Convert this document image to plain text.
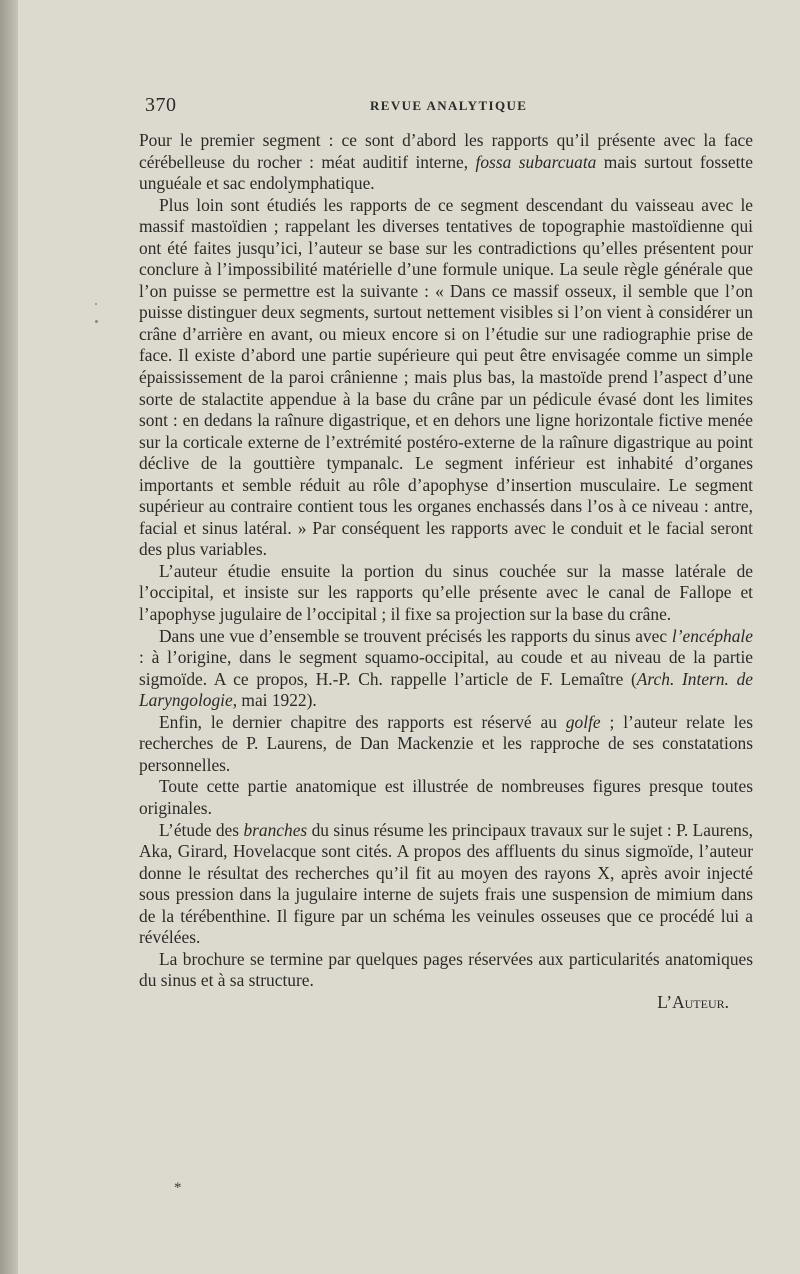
370	REVUE ANALYTIQUE

Pour le premier segment : ce sont d’abord les rapports qu’il présente avec la face cérébelleuse du rocher : méat auditif interne, fossa subarcuata mais surtout fossette unguéale et sac endolymphatique.

Plus loin sont étudiés les rapports de ce segment descendant du vaisseau avec le massif mastoïdien ; rappelant les diverses tentatives de topographie mastoïdienne qui ont été faites jusqu’ici, l’auteur se base sur les contradictions qu’elles présentent pour conclure à l’impossibilité matérielle d’une formule unique. La seule règle générale que l’on puisse se permettre est la suivante : « Dans ce massif osseux, il semble que l’on puisse distinguer deux segments, surtout nettement visibles si l’on vient à considérer un crâne d’arrière en avant, ou mieux encore si on l’étudie sur une radiographie prise de face. Il existe d’abord une partie supérieure qui peut être envisagée comme un simple épaississement de la paroi crânienne ; mais plus bas, la mastoïde prend l’aspect d’une sorte de stalactite appendue à la base du crâne par un pédicule évasé dont les limites sont : en dedans la raînure digastrique, et en dehors une ligne horizontale fictive menée sur la corticale externe de l’extrémité postéro-externe de la raînure digastrique au point déclive de la gouttière tympanalc. Le segment inférieur est inhabité d’organes importants et semble réduit au rôle d’apophyse d’insertion musculaire. Le segment supérieur au contraire contient tous les organes enchassés dans l’os à ce niveau : antre, facial et sinus latéral. » Par conséquent les rapports avec le conduit et le facial seront des plus variables.

L’auteur étudie ensuite la portion du sinus couchée sur la masse latérale de l’occipital, et insiste sur les rapports qu’elle présente avec le canal de Fallope et l’apophyse jugulaire de l’occipital ; il fixe sa projection sur la base du crâne.

Dans une vue d’ensemble se trouvent précisés les rapports du sinus avec l’encéphale : à l’origine, dans le segment squamo-occipital, au coude et au niveau de la partie sigmoïde. A ce propos, H.-P. Ch. rappelle l’article de F. Lemaître (Arch. Intern. de Laryngologie, mai 1922).

Enfin, le dernier chapitre des rapports est réservé au golfe ; l’auteur relate les recherches de P. Laurens, de Dan Mackenzie et les rapproche de ses constatations personnelles.

Toute cette partie anatomique est illustrée de nombreuses figures presque toutes originales.

L’étude des branches du sinus résume les principaux travaux sur le sujet : P. Laurens, Aka, Girard, Hovelacque sont cités. A propos des affluents du sinus sigmoïde, l’auteur donne le résultat des recherches qu’il fit au moyen des rayons X, après avoir injecté sous pression dans la jugulaire interne de sujets frais une suspension de mimium dans de la térébenthine. Il figure par un schéma les veinules osseuses que ce procédé lui a révélées.

La brochure se termine par quelques pages réservées aux particularités anatomiques du sinus et à sa structure.

L’Auteur.

*
